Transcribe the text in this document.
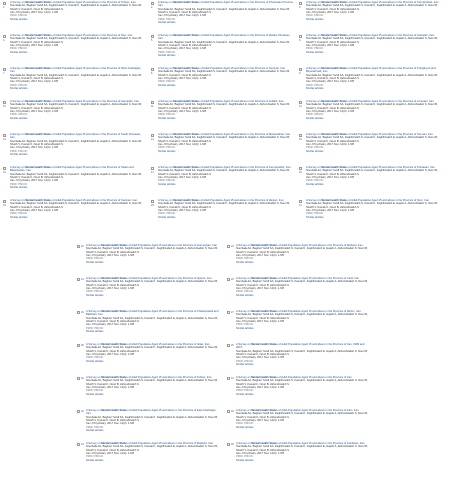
1.
A Survey on Mental Health Status of Adult Population Aged 15 and above in the Province of Tehran, Iran.
Noorbala AA, Bagheri Yazdi SA, Faghihzadeh S, Kamali K, Faghihzadeh E, Hajebi A, Akhondzadeh S, Nouri B, Sharifi V, Kamali K, Nouri B, Akhondzadeh S
Iran J Psychiatry. 2017 Nov; 12(4): 1-5/8
PMID: PMCID:
Similar articles
2.
A Survey on Mental Health Status of Adult Population Aged 15 and above in the Province of Khuzestan Province, Iran.
Noorbala AA, Bagheri Yazdi SA, Faghihzadeh S, Kamali K, Faghihzadeh E, Hajebi A, Akhondzadeh S, Nouri B, Sharifi V, Kamali K, Nouri B, Akhondzadeh S
Iran J Psychiatry. 2017 Nov; 12(4): 1-5/8
PMID: PMCID:
Similar articles
3.
A Survey on Mental Health Status of Adult Population Aged 15 and above in the Province of Kermanshah, Iran.
Noorbala AA, Bagheri Yazdi SA, Faghihzadeh S, Kamali K, Faghihzadeh E, Hajebi A, Akhondzadeh S, Nouri B, Sharifi V, Kamali K, Nouri B, Akhondzadeh S
Iran J Psychiatry. 2017 Nov; 12(4): 1-5/8
PMID: PMCID:
Similar articles
4.
A Survey on Mental Health Status of Adult Population Aged 15 and above in the Province of Ilam, Iran.
Noorbala AA, Bagheri Yazdi SA, Faghihzadeh S, Kamali K, Faghihzadeh E, Hajebi A, Akhondzadeh S, Nouri B, Sharifi V, Kamali K, Nouri B, Akhondzadeh S
Iran J Psychiatry. 2017 Nov; 12(4): 1-5/8
PMID: PMCID:
Similar articles
5.
A Survey on Mental Health Status of Adult Population Aged 15 and above in the Province of Razavi Khorasan, Iran.
Noorbala AA, Bagheri Yazdi SA, Faghihzadeh S, Kamali K, Faghihzadeh E, Hajebi A, Akhondzadeh S, Nouri B, Sharifi V, Kamali K, Nouri B, Akhondzadeh S
Iran J Psychiatry. 2017 Nov; 12(4): 1-5/8
PMID: PMCID:
Similar articles
6.
A Survey on Mental Health Status of Adult Population Aged 15 and above in the Province of Golestan, Iran.
Noorbala AA, Bagheri Yazdi SA, Faghihzadeh S, Kamali K, Faghihzadeh E, Hajebi A, Akhondzadeh S, Nouri B, Sharifi V, Kamali K, Nouri B, Akhondzadeh S
Iran J Psychiatry. 2017 Nov; 12(4): 1-5/8
PMID: PMCID:
Similar articles
7.
A Survey on Mental Health Status of Adult Population Aged 15 and above in the Province of West Azarbaijan, Iran.
Noorbala AA, Bagheri Yazdi SA, Faghihzadeh S, Kamali K, Faghihzadeh E, Hajebi A, Akhondzadeh S, Nouri B, Sharifi V, Kamali K, Nouri B, Akhondzadeh S
Iran J Psychiatry. 2017 Nov; 12(4): 1-5/8
PMID: PMCID:
Similar articles
8.
A Survey on Mental Health Status of Adult Population Aged 15 and above in the Province of Semnan, Iran.
Noorbala AA, Bagheri Yazdi SA, Faghihzadeh S, Kamali K, Faghihzadeh E, Hajebi A, Akhondzadeh S, Nouri B, Sharifi V, Kamali K, Nouri B, Akhondzadeh S
Iran J Psychiatry. 2017 Nov; 12(4): 1-5/8
PMID: PMCID:
Similar articles
9.
A Survey on Mental Health Status of Adult Population Aged 15 and above in the Province of Kohgiluyeh and Boyerahmad, Iran.
Noorbala AA, Bagheri Yazdi SA, Faghihzadeh S, Kamali K, Faghihzadeh E, Hajebi A, Akhondzadeh S, Nouri B, Sharifi V, Kamali K, Nouri B, Akhondzadeh S
Iran J Psychiatry. 2017 Nov; 12(4): 1-5/8
PMID: PMCID:
Similar articles
10.
A Survey on Mental Health Status of Adult Population Aged 15 and above in the Province of Hamadan, Iran.
Noorbala AA, Bagheri Yazdi SA, Faghihzadeh S, Kamali K, Faghihzadeh E, Hajebi A, Akhondzadeh S, Nouri B, Sharifi V, Kamali K, Nouri B, Akhondzadeh S
Iran J Psychiatry. 2017 Nov; 12(4): 1-5/8
PMID: PMCID:
Similar articles
11.
A Survey on Mental Health Status of Adult Population Aged 15 and above in the Province of Ardabil, Iran.
Noorbala AA, Bagheri Yazdi SA, Faghihzadeh S, Kamali K, Faghihzadeh E, Hajebi A, Akhondzadeh S, Nouri B, Sharifi V, Kamali K, Nouri B, Akhondzadeh S
Iran J Psychiatry. 2017 Nov; 12(4): 1-5/8
PMID: PMCID:
Similar articles
12.
A Survey on Mental Health Status of Adult Population Aged 15 and above in the Province of Lorestan, Iran.
Noorbala AA, Bagheri Yazdi SA, Faghihzadeh S, Kamali K, Faghihzadeh E, Hajebi A, Akhondzadeh S, Nouri B, Sharifi V, Kamali K, Nouri B, Akhondzadeh S
Iran J Psychiatry. 2017 Nov; 12(4): 1-5/8
PMID: PMCID:
Similar articles
13.
A Survey on Mental Health Status of Adult Population Aged 15 and above in the Province of South Khorasan, Iran.
Noorbala AA, Bagheri Yazdi SA, Faghihzadeh S, Kamali K, Faghihzadeh E, Hajebi A, Akhondzadeh S, Nouri B, Sharifi V, Kamali K, Nouri B, Akhondzadeh S
Iran J Psychiatry. 2017 Nov; 12(4): 1-5/8
PMID: PMCID:
Similar articles
14.
A Survey on Mental Health Status of Adult Population Aged 15 and above in the Province of Mazandaran, Iran.
Noorbala AA, Bagheri Yazdi SA, Faghihzadeh S, Kamali K, Faghihzadeh E, Hajebi A, Akhondzadeh S, Nouri B, Sharifi V, Kamali K, Nouri B, Akhondzadeh S
Iran J Psychiatry. 2017 Nov; 12(4): 1-5/8
PMID: PMCID:
Similar articles
15.
A Survey on Mental Health Status of Adult Population Aged 15 and above in the Province of Kerman, Iran.
Noorbala AA, Bagheri Yazdi SA, Faghihzadeh S, Kamali K, Faghihzadeh E, Hajebi A, Akhondzadeh S, Nouri B, Sharifi V, Kamali K, Nouri B, Akhondzadeh S
Iran J Psychiatry. 2017 Nov; 12(4): 1-5/8
PMID: PMCID:
Similar articles
16.
A Survey on Mental Health Status of Adult Population Aged 15 and above in the Province of Sistan and Baluchestan, Iran.
Noorbala AA, Bagheri Yazdi SA, Faghihzadeh S, Kamali K, Faghihzadeh E, Hajebi A, Akhondzadeh S, Nouri B, Sharifi V, Kamali K, Nouri B, Akhondzadeh S
Iran J Psychiatry. 2017 Nov; 12(4): 1-5/8
PMID: PMCID:
Similar articles
17.
A Survey on Mental Health Status of Adult Population Aged 15 and above in the Province of Kermanshah, Iran.
Noorbala AA, Bagheri Yazdi SA, Faghihzadeh S, Kamali K, Faghihzadeh E, Hajebi A, Akhondzadeh S, Nouri B, Sharifi V, Kamali K, Nouri B, Akhondzadeh S
Iran J Psychiatry. 2017 Nov; 12(4): 1-5/8
PMID: PMCID:
Similar articles
18.
A Survey on Mental Health Status of Adult Population Aged 15 and above in the Province of Khorasan, Iran.
Noorbala AA, Bagheri Yazdi SA, Faghihzadeh S, Kamali K, Faghihzadeh E, Hajebi A, Akhondzadeh S, Nouri B, Sharifi V, Kamali K, Nouri B, Akhondzadeh S
Iran J Psychiatry. 2017 Nov; 12(4): 1-5/8
PMID: PMCID:
Similar articles
19.
A Survey on Mental Health Status of Adult Population Aged 15 and above in the Province of Semnan, Iran.
Noorbala AA, Bagheri Yazdi SA, Faghihzadeh S, Kamali K, Faghihzadeh E, Hajebi A, Akhondzadeh S, Nouri B, Sharifi V, Kamali K, Nouri B, Akhondzadeh S
Iran J Psychiatry. 2017 Nov; 12(4): 1-5/8
PMID: PMCID:
Similar articles
20.
A Survey on Mental Health Status of Adult Population Aged 15 and above in the Province of Zanjan, Iran.
Noorbala AA, Bagheri Yazdi SA, Faghihzadeh S, Kamali K, Faghihzadeh E, Hajebi A, Akhondzadeh S, Nouri B, Sharifi V, Kamali K, Nouri B, Akhondzadeh S
Iran J Psychiatry. 2017 Nov; 12(4): 1-5/8
PMID: PMCID:
Similar articles
21.
A Survey on Mental Health Status of Adult Population Aged 15 and above in the Province of Qom, Iran.
Noorbala AA, Bagheri Yazdi SA, Faghihzadeh S, Kamali K, Faghihzadeh E, Hajebi A, Akhondzadeh S, Nouri B, Sharifi V, Kamali K, Nouri B, Akhondzadeh S
Iran J Psychiatry. 2017 Nov; 12(4): 1-5/8
PMID: PMCID:
Similar articles
22. A Survey on Mental Health Status of Adult Population Aged 15 and above in the Province of Hormozgan, Iran.
Noorbala AA, Bagheri Yazdi SA, Faghihzadeh S, Kamali K, Faghihzadeh E, Hajebi A, Akhondzadeh S, Nouri B, Sharifi V, Kamali K, Nouri B, Akhondzadeh S
Iran J Psychiatry. 2017 Nov; 12(4): 1-5/8
PMID: PMCID:
Similar articles
23. A Survey on Mental Health Status of Adult Population Aged 15 and above in the Province of Markazi, Iran.
Noorbala AA, Bagheri Yazdi SA, Faghihzadeh S, Kamali K, Faghihzadeh E, Hajebi A, Akhondzadeh S, Nouri B, Sharifi V, Kamali K, Nouri B, Akhondzadeh S
Iran J Psychiatry. 2017 Nov; 12(4): 1-5/8
PMID: PMCID:
Similar articles
24. A Survey on Mental Health Status of Adult Population Aged 15 and above in the Province of Qazvin, Iran.
Noorbala AA, Bagheri Yazdi SA, Faghihzadeh S, Kamali K, Faghihzadeh E, Hajebi A, Akhondzadeh S, Nouri B, Sharifi V, Kamali K, Nouri B, Akhondzadeh S
Iran J Psychiatry. 2017 Nov; 12(4): 1-5/8
PMID: PMCID:
Similar articles
25. A Survey on Mental Health Status of Adult Population Aged 15 and above in the Province of Yazd, Iran.
Noorbala AA, Bagheri Yazdi SA, Faghihzadeh S, Kamali K, Faghihzadeh E, Hajebi A, Akhondzadeh S, Nouri B, Sharifi V, Kamali K, Nouri B, Akhondzadeh S
Iran J Psychiatry. 2017 Nov; 12(4): 1-5/8
PMID: PMCID:
Similar articles
26. A Survey on Mental Health Status of Adult Population Aged 15 and above in the Province of Chaharmahal and Bakhtiari, Iran.
Noorbala AA, Bagheri Yazdi SA, Faghihzadeh S, Kamali K, Faghihzadeh E, Hajebi A, Akhondzadeh S, Nouri B, Sharifi V, Kamali K, Nouri B, Akhondzadeh S
Iran J Psychiatry. 2017 Nov; 12(4): 1-5/8
PMID: PMCID:
Similar articles
27. A Survey on Mental Health Status of Adult Population Aged 15 and above in the Province of Alborz, Iran.
Noorbala AA, Bagheri Yazdi SA, Faghihzadeh S, Kamali K, Faghihzadeh E, Hajebi A, Akhondzadeh S, Nouri B, Sharifi V, Kamali K, Nouri B, Akhondzadeh S
Iran J Psychiatry. 2017 Nov; 12(4): 1-5/8
PMID: PMCID:
Similar articles
28. A Survey on Mental Health Status of Adult Population Aged 15 and above in the Province of Gilan, Iran.
Noorbala AA, Bagheri Yazdi SA, Faghihzadeh S, Kamali K, Faghihzadeh E, Hajebi A, Akhondzadeh S, Nouri B, Sharifi V, Kamali K, Nouri B, Akhondzadeh S
Iran J Psychiatry. 2017 Nov; 12(4): 1-5/8
PMID: PMCID:
Similar articles
29. A Survey on Mental Health Status of Adult Population Aged 15 and above in the Province of Iran, 1999 and 2015.
Noorbala AA, Bagheri Yazdi SA, Faghihzadeh S, Kamali K, Faghihzadeh E, Hajebi A, Akhondzadeh S, Nouri B, Sharifi V, Kamali K, Nouri B, Akhondzadeh S
Iran J Psychiatry. 2017 Nov; 12(4): 1-5/8
PMID: PMCID:
Similar articles
30. A Survey on Mental Health Status of Adult Population Aged 15 and above in the Province of Tehran, Iran.
Noorbala AA, Bagheri Yazdi SA, Faghihzadeh S, Kamali K, Faghihzadeh E, Hajebi A, Akhondzadeh S, Nouri B, Sharifi V, Kamali K, Nouri B, Akhondzadeh S
Iran J Psychiatry. 2017 Nov; 12(4): 1-5/8
PMID: PMCID:
Similar articles
31. A Survey on Mental Health Status of Adult Population Aged 15 and above in the Province of Iran.
Noorbala AA, Bagheri Yazdi SA, Faghihzadeh S, Kamali K, Faghihzadeh E, Hajebi A, Akhondzadeh S, Nouri B, Sharifi V, Kamali K, Nouri B, Akhondzadeh S
Iran J Psychiatry. 2017 Nov; 12(4): 1-5/8
PMID: PMCID:
Similar articles
32. A Survey on Mental Health Status of Adult Population Aged 15 and above in the Province of East Azarbaijan, Iran.
Noorbala AA, Bagheri Yazdi SA, Faghihzadeh S, Kamali K, Faghihzadeh E, Hajebi A, Akhondzadeh S, Nouri B, Sharifi V, Kamali K, Nouri B, Akhondzadeh S
Iran J Psychiatry. 2017 Nov; 12(4): 1-5/8
PMID: PMCID:
Similar articles
33. A Survey on Mental Health Status of Adult Population Aged 15 and above in the Province of Fars, Iran.
Noorbala AA, Bagheri Yazdi SA, Faghihzadeh S, Kamali K, Faghihzadeh E, Hajebi A, Akhondzadeh S, Nouri B, Sharifi V, Kamali K, Nouri B, Akhondzadeh S
Iran J Psychiatry. 2017 Nov; 12(4): 1-5/8
PMID: PMCID:
Similar articles
34. A Survey on Mental Health Status of Adult Population Aged 15 and above in the Province of Bushehr, Iran.
Noorbala AA, Bagheri Yazdi SA, Faghihzadeh S, Kamali K, Faghihzadeh E, Hajebi A, Akhondzadeh S, Nouri B, Sharifi V, Kamali K, Nouri B, Akhondzadeh S
Iran J Psychiatry. 2017 Nov; 12(4): 1-5/8
PMID: PMCID:
Similar articles
35. A Survey on Mental Health Status of Adult Population Aged 15 and above in the Province of Kurdistan, Iran.
Noorbala AA, Bagheri Yazdi SA, Faghihzadeh S, Kamali K, Faghihzadeh E, Hajebi A, Akhondzadeh S, Nouri B, Sharifi V, Kamali K, Nouri B, Akhondzadeh S
Iran J Psychiatry. 2017 Nov; 12(4): 1-5/8
PMID: PMCID:
Similar articles
